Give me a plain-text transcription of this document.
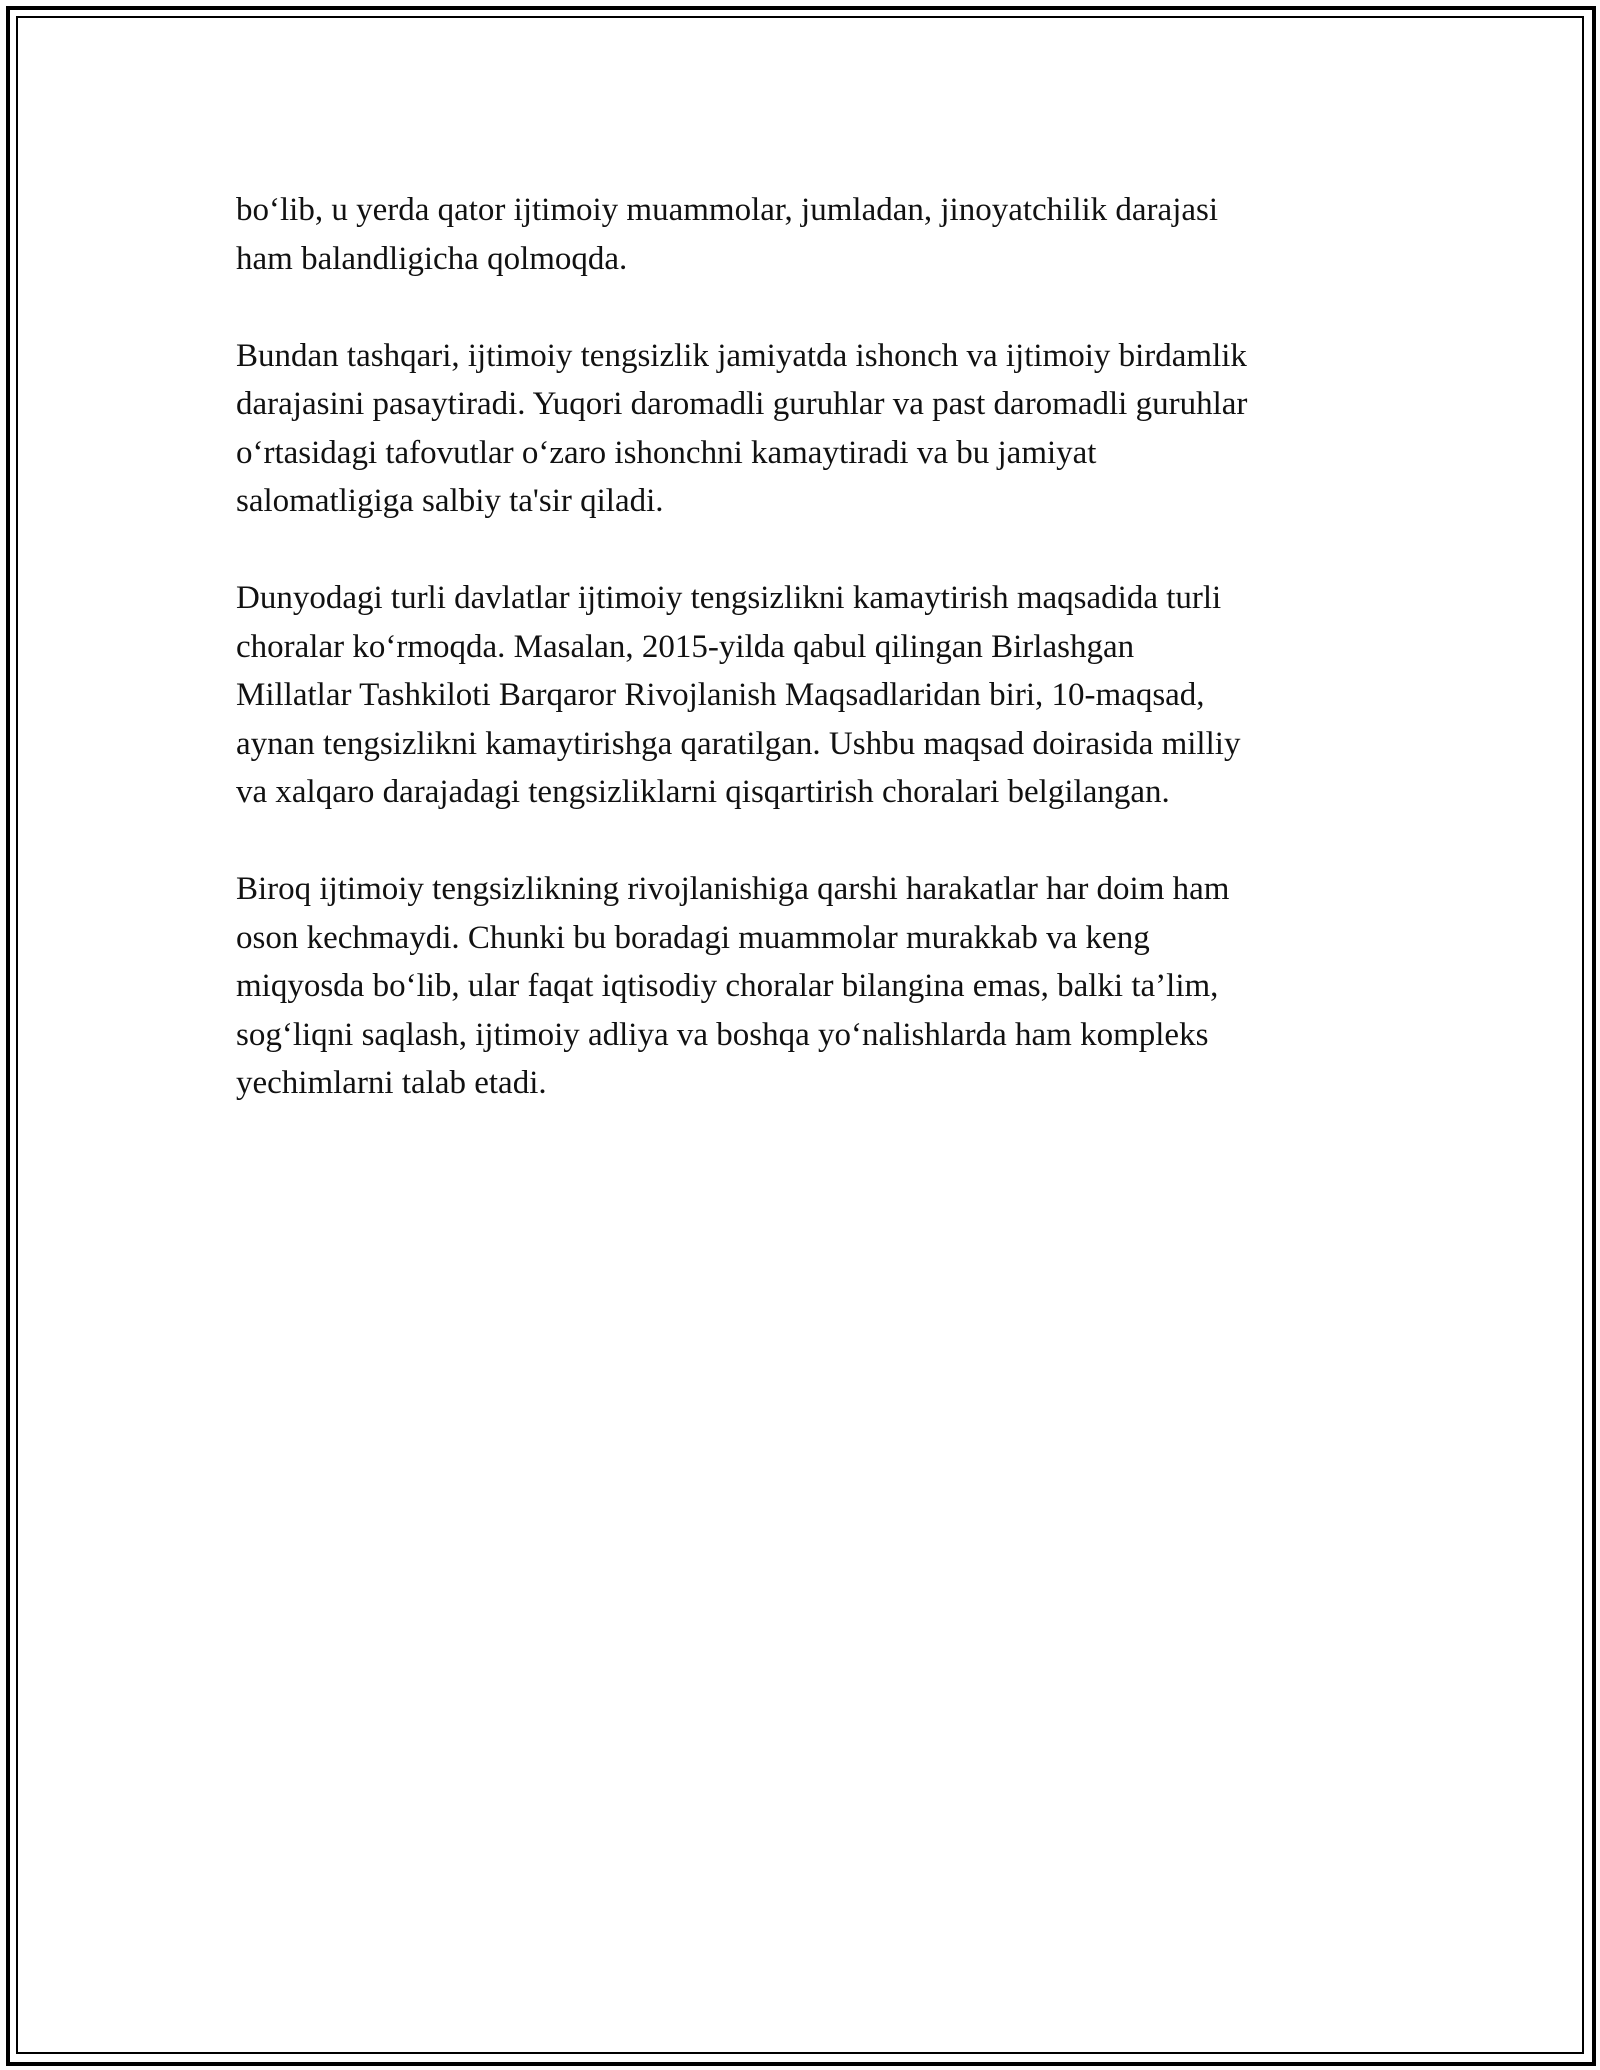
bo‘lib, u yerda qator ijtimoiy muammolar, jumladan, jinoyatchilik darajasi
ham balandligicha qolmoqda.

Bundan tashqari, ijtimoiy tengsizlik jamiyatda ishonch va ijtimoiy birdamlik
darajasini pasaytiradi. Yuqori daromadli guruhlar va past daromadli guruhlar
o‘rtasidagi tafovutlar o‘zaro ishonchni kamaytiradi va bu jamiyat
salomatligiga salbiy ta'sir qiladi.

Dunyodagi turli davlatlar ijtimoiy tengsizlikni kamaytirish maqsadida turli
choralar ko‘rmoqda. Masalan, 2015-yilda qabul qilingan Birlashgan
Millatlar Tashkiloti Barqaror Rivojlanish Maqsadlaridan biri, 10-maqsad,
aynan tengsizlikni kamaytirishga qaratilgan. Ushbu maqsad doirasida milliy
va xalqaro darajadagi tengsizliklarni qisqartirish choralari belgilangan.

Biroq ijtimoiy tengsizlikning rivojlanishiga qarshi harakatlar har doim ham
oson kechmaydi. Chunki bu boradagi muammolar murakkab va keng
miqyosda bo‘lib, ular faqat iqtisodiy choralar bilangina emas, balki ta’lim,
sog‘liqni saqlash, ijtimoiy adliya va boshqa yo‘nalishlarda ham kompleks
yechimlarni talab etadi.
